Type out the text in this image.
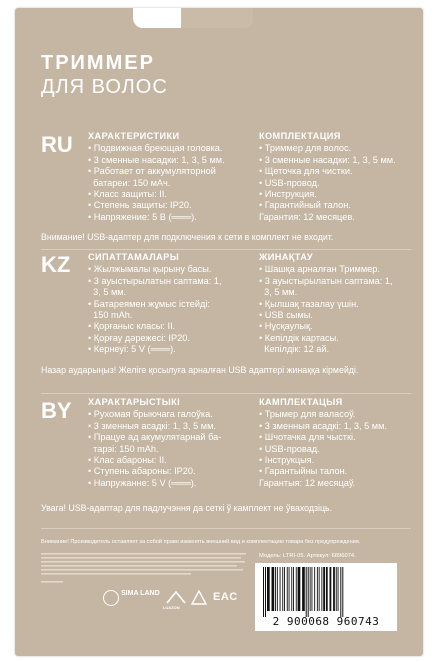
ТРИММЕР
ДЛЯ ВОЛОС
RU ХАРАКТЕРИСТИКИ
• Подвижная бреющая головка.
• 3 сменные насадки: 1, 3, 5 мм.
• Работает от аккумуляторной
батареи: 150 мАч.
• Класс защиты: II.
• Степень защиты: IP20.
• Напряжение: 5 В (═══).
КОМПЛЕКТАЦИЯ
• Триммер для волос.
• 3 сменные насадки: 1, 3, 5 мм.
• Щеточка для чистки.
• USB-провод.
• Инструкция.
• Гарантийный талон.
Гарантия: 12 месяцев.
Внимание! USB-адаптер для подключения к сети в комплект не входит.
KZ СИПАТТАМАЛАРЫ
• Жылжымалы қырыну басы.
• 3 ауыстырылатын саптама: 1,
3, 5 мм.
• Батареямен жұмыс істейді:
150 mAh.
• Қорғаныс класы: II.
• Қорғау дәрежесі: IP20.
• Кернеуі: 5 V (═══).
ЖИНАҚТАУ
• Шашқа арналған Триммер.
• 3 ауыстырылатын саптама: 1,
3, 5 мм.
• Қылшақ тазалау үшін.
• USB сымы.
• Нұсқаулық.
• Кепілдік картасы.
Кепілдік: 12 ай.
Назар аударыңыз! Желіге қосылуға арналған USB адаптері жинаққа кірмейді.
BY ХАРАКТАРЫСТЫКІ
• Рухомая брыючага галоўка.
• 3 зменныя асадкі: 1, 3, 5 мм.
• Працуе ад акумулятарнай ба-
тарэі: 150 mAh.
• Клас абароны: II.
• Ступень абароны: IP20.
• Напружанне: 5 V (═══).
КАМПЛЕКТАЦЫЯ
• Трымер для валасоў.
• 3 зменныя асадкі: 1, 3, 5 мм.
• Шчотачка для чысткі.
• USB-провад.
• Інструкцыя.
• Гарантыйны талон.
Гарантыя: 12 месяцаў.
Увага! USB-адаптар для падлучэння да сеткі ў камплект не ўваходзіць.
Внимание! Производитель оставляет за собой право изменять внешний вид и комплектацию товара без предупреждения.
Модель: LTRI-05. Артикул: 6896074.
SIMA LAND
LUAZON
EAC
2 900068 960743
